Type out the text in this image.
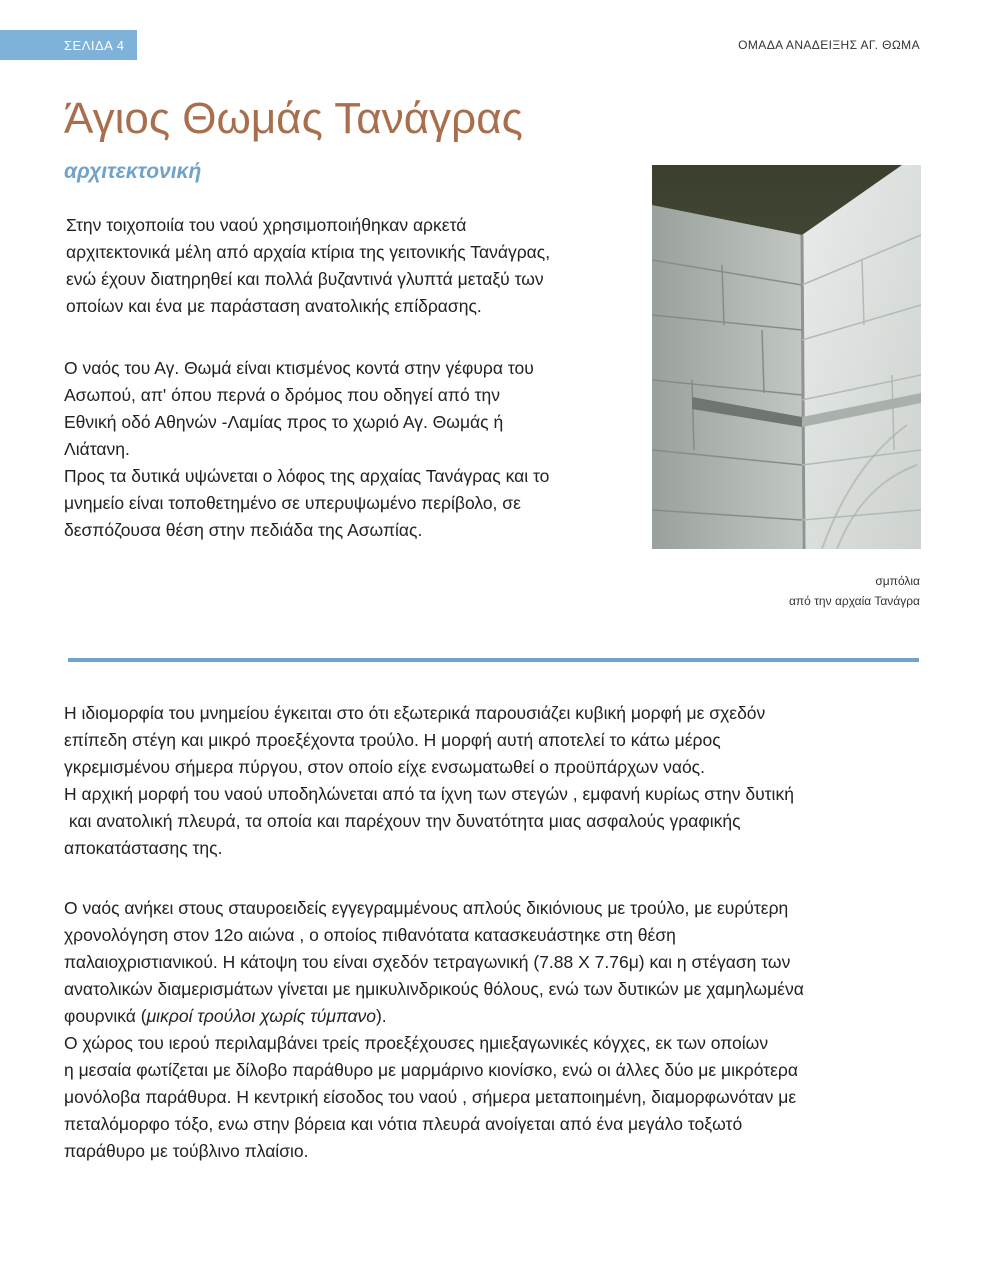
ΣΕΛΙΔΑ 4	ΟΜΑΔΑ ΑΝΑΔΕΙΞΗΣ ΑΓ. ΘΩΜΑ
Άγιος Θωμάς Τανάγρας
αρχιτεκτονική

Στην τοιχοποιία του ναού χρησιμοποιήθηκαν αρκετά
αρχιτεκτονικά μέλη από αρχαία κτίρια της γειτονικής Τανάγρας,
ενώ έχουν διατηρηθεί και πολλά βυζαντινά γλυπτά μεταξύ των
οποίων και ένα με παράσταση ανατολικής επίδρασης.

Ο ναός του Αγ. Θωμά είναι κτισμένος κοντά στην γέφυρα του
Ασωπού, απ' όπου περνά ο δρόμος που οδηγεί από την
Εθνική οδό Αθηνών -Λαμίας προς το χωριό Αγ. Θωμάς ή
Λιάτανη.
Προς τα δυτικά υψώνεται ο λόφος της αρχαίας Τανάγρας και το
μνημείο είναι τοποθετημένο σε υπερυψωμένο περίβολο, σε
δεσπόζουσα θέση στην πεδιάδα της Ασωπίας.

σμπόλια
από την αρχαία Τανάγρα

Η ιδιομορφία του μνημείου έγκειται στο ότι εξωτερικά παρουσιάζει κυβική μορφή με σχεδόν
επίπεδη στέγη και μικρό προεξέχοντα τρούλο. Η μορφή αυτή αποτελεί το κάτω μέρος
γκρεμισμένου σήμερα πύργου, στον οποίο είχε ενσωματωθεί ο προϋπάρχων ναός.
Η αρχική μορφή του ναού υποδηλώνεται από τα ίχνη των στεγών , εμφανή κυρίως στην δυτική
και ανατολική πλευρά, τα οποία και παρέχουν την δυνατότητα μιας ασφαλούς γραφικής
αποκατάστασης της.

Ο ναός ανήκει στους σταυροειδείς εγγεγραμμένους απλούς δικιόνιους με τρούλο, με ευρύτερη
χρονολόγηση στον 12ο αιώνα , ο οποίος πιθανότατα κατασκευάστηκε στη θέση
παλαιοχριστιανικού. Η κάτοψη του είναι σχεδόν τετραγωνική (7.88 Χ 7.76μ) και η στέγαση των
ανατολικών διαμερισμάτων γίνεται με ημικυλινδρικούς θόλους, ενώ των δυτικών με χαμηλωμένα
φουρνικά (μικροί τρούλοι χωρίς τύμπανο).
Ο χώρος του ιερού περιλαμβάνει τρείς προεξέχουσες ημιεξαγωνικές κόγχες, εκ των οποίων
η μεσαία φωτίζεται με δίλοβο παράθυρο με μαρμάρινο κιονίσκο, ενώ οι άλλες δύο με μικρότερα
μονόλοβα παράθυρα. Η κεντρική είσοδος του ναού , σήμερα μεταποιημένη, διαμορφωνόταν με
πεταλόμορφο τόξο, ενω στην βόρεια και νότια πλευρά ανοίγεται από ένα μεγάλο τοξωτό
παράθυρο με τούβλινο πλαίσιο.
